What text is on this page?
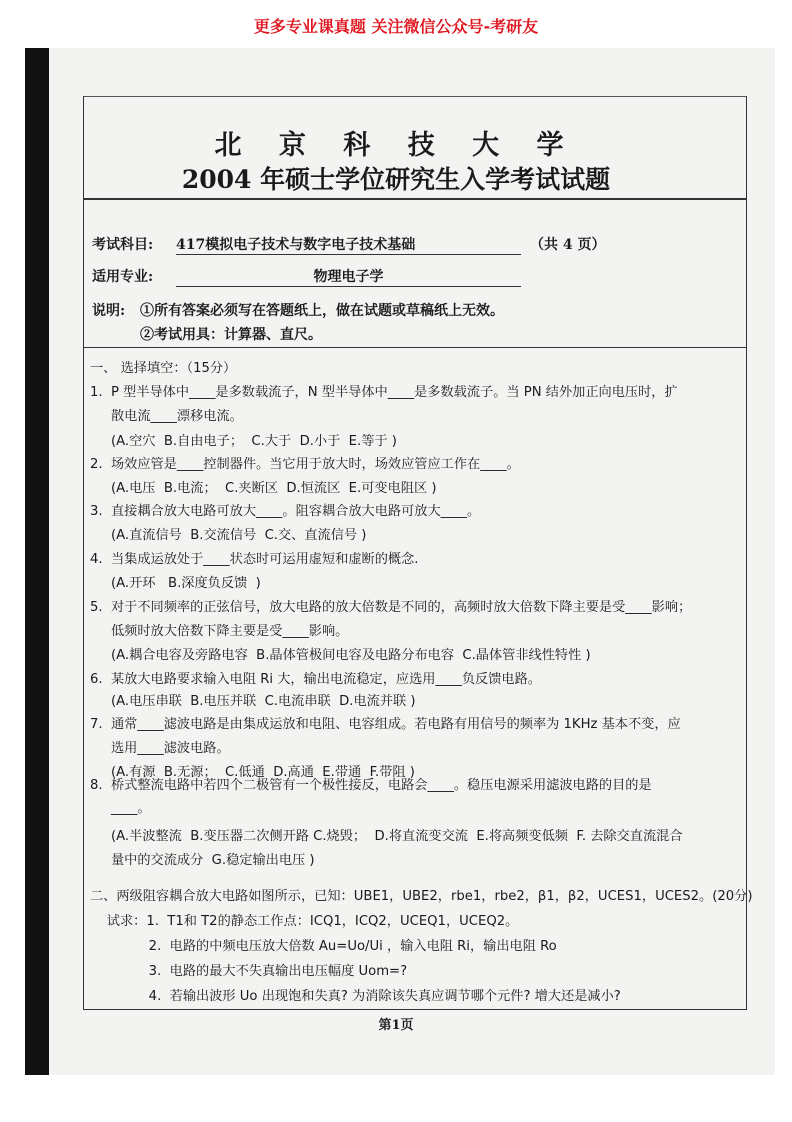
更多专业课真题 关注微信公众号-考研友
北 京 科 技 大 学
2004 年硕士学位研究生入学考试试题
考试科目: 417模拟电子技术与数字电子技术基础	（共 4 页）
适用专业:	物理电子学
说明: ①所有答案必须写在答题纸上，做在试题或草稿纸上无效。
②考试用具：计算器、直尺。
一、 选择填空：（15分）
1.  P 型半导体中____是多数载流子，N 型半导体中____是多数载流子。当 PN 结外加正向电压时，扩
散电流____漂移电流。
(A.空穴  B.自由电子；  C.大于  D.小于  E.等于 )
2.  场效应管是____控制器件。当它用于放大时，场效应管应工作在____。
(A.电压  B.电流；  C.夹断区  D.恒流区  E.可变电阻区 )
3.  直接耦合放大电路可放大____。阻容耦合放大电路可放大____。
(A.直流信号  B.交流信号  C.交、直流信号 )
4.  当集成运放处于____状态时可运用虚短和虚断的概念.
(A.开环   B.深度负反馈  )
5.  对于不同频率的正弦信号，放大电路的放大倍数是不同的，高频时放大倍数下降主要是受____影响；
低频时放大倍数下降主要是受____影响。
(A.耦合电容及旁路电容  B.晶体管极间电容及电路分布电容  C.晶体管非线性特性 )
6.  某放大电路要求输入电阻 Ri 大，输出电流稳定，应选用____负反馈电路。
(A.电压串联  B.电压并联  C.电流串联  D.电流并联 )
7.  通常____滤波电路是由集成运放和电阻、电容组成。若电路有用信号的频率为 1KHz 基本不变，应
选用____滤波电路。
(A.有源  B.无源；  C.低通  D.高通  E.带通  F.带阻 )
8.  桥式整流电路中若四个二极管有一个极性接反，电路会____。稳压电源采用滤波电路的目的是
____。
(A.半波整流  B.变压器二次侧开路 C.烧毁；  D.将直流变交流  E.将高频变低频  F. 去除交直流混合
量中的交流成分  G.稳定输出电压 )
二、两级阻容耦合放大电路如图所示，已知：UBE1，UBE2，rbe1，rbe2，β1，β2，UCES1，UCES2。(20分)
试求：1.  T1和 T2的静态工作点：ICQ1，ICQ2，UCEQ1，UCEQ2。
2.  电路的中频电压放大倍数 Au=Uo/Ui ，输入电阻 Ri，输出电阻 Ro
3.  电路的最大不失真输出电压幅度 Uom=?
4.  若输出波形 Uo 出现饱和失真? 为消除该失真应调节哪个元件? 增大还是减小?
第1页
